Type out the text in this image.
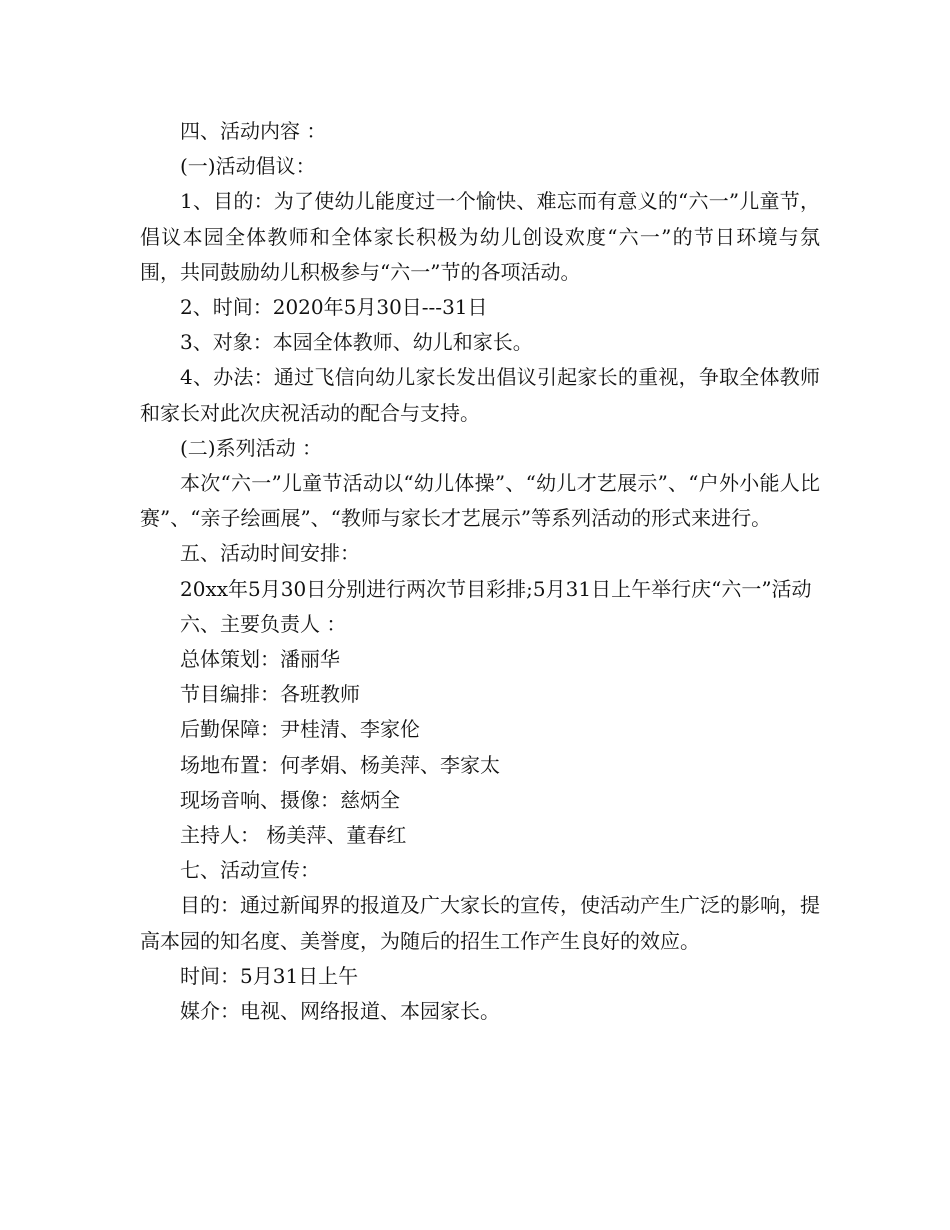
四、活动内容 ：

(一)活动倡议：

1、目的：为了使幼儿能度过一个愉快、难忘而有意义的“六一”儿童节，倡议本园全体教师和全体家长积极为幼儿创设欢度“六一”的节日环境与氛围，共同鼓励幼儿积极参与“六一”节的各项活动。

2、时间：2020年5月30日---31日

3、对象：本园全体教师、幼儿和家长。

4、办法：通过飞信向幼儿家长发出倡议引起家长的重视，争取全体教师和家长对此次庆祝活动的配合与支持。

(二)系列活动 ：

本次“六一”儿童节活动以“幼儿体操”、“幼儿才艺展示”、“户外小能人比赛”、“亲子绘画展”、“教师与家长才艺展示”等系列活动的形式来进行。

五、活动时间安排：

20xx年5月30日分别进行两次节目彩排;5月31日上午举行庆“六一”活动

六、主要负责人 ：

总体策划：潘丽华

节目编排：各班教师

后勤保障：尹桂清、李家伦

场地布置：何孝娟、杨美萍、李家太

现场音响、摄像：慈炳全

主持人： 杨美萍、董春红

七、活动宣传：

目的：通过新闻界的报道及广大家长的宣传，使活动产生广泛的影响，提高本园的知名度、美誉度，为随后的招生工作产生良好的效应。

时间：5月31日上午

媒介：电视、网络报道、本园家长。
